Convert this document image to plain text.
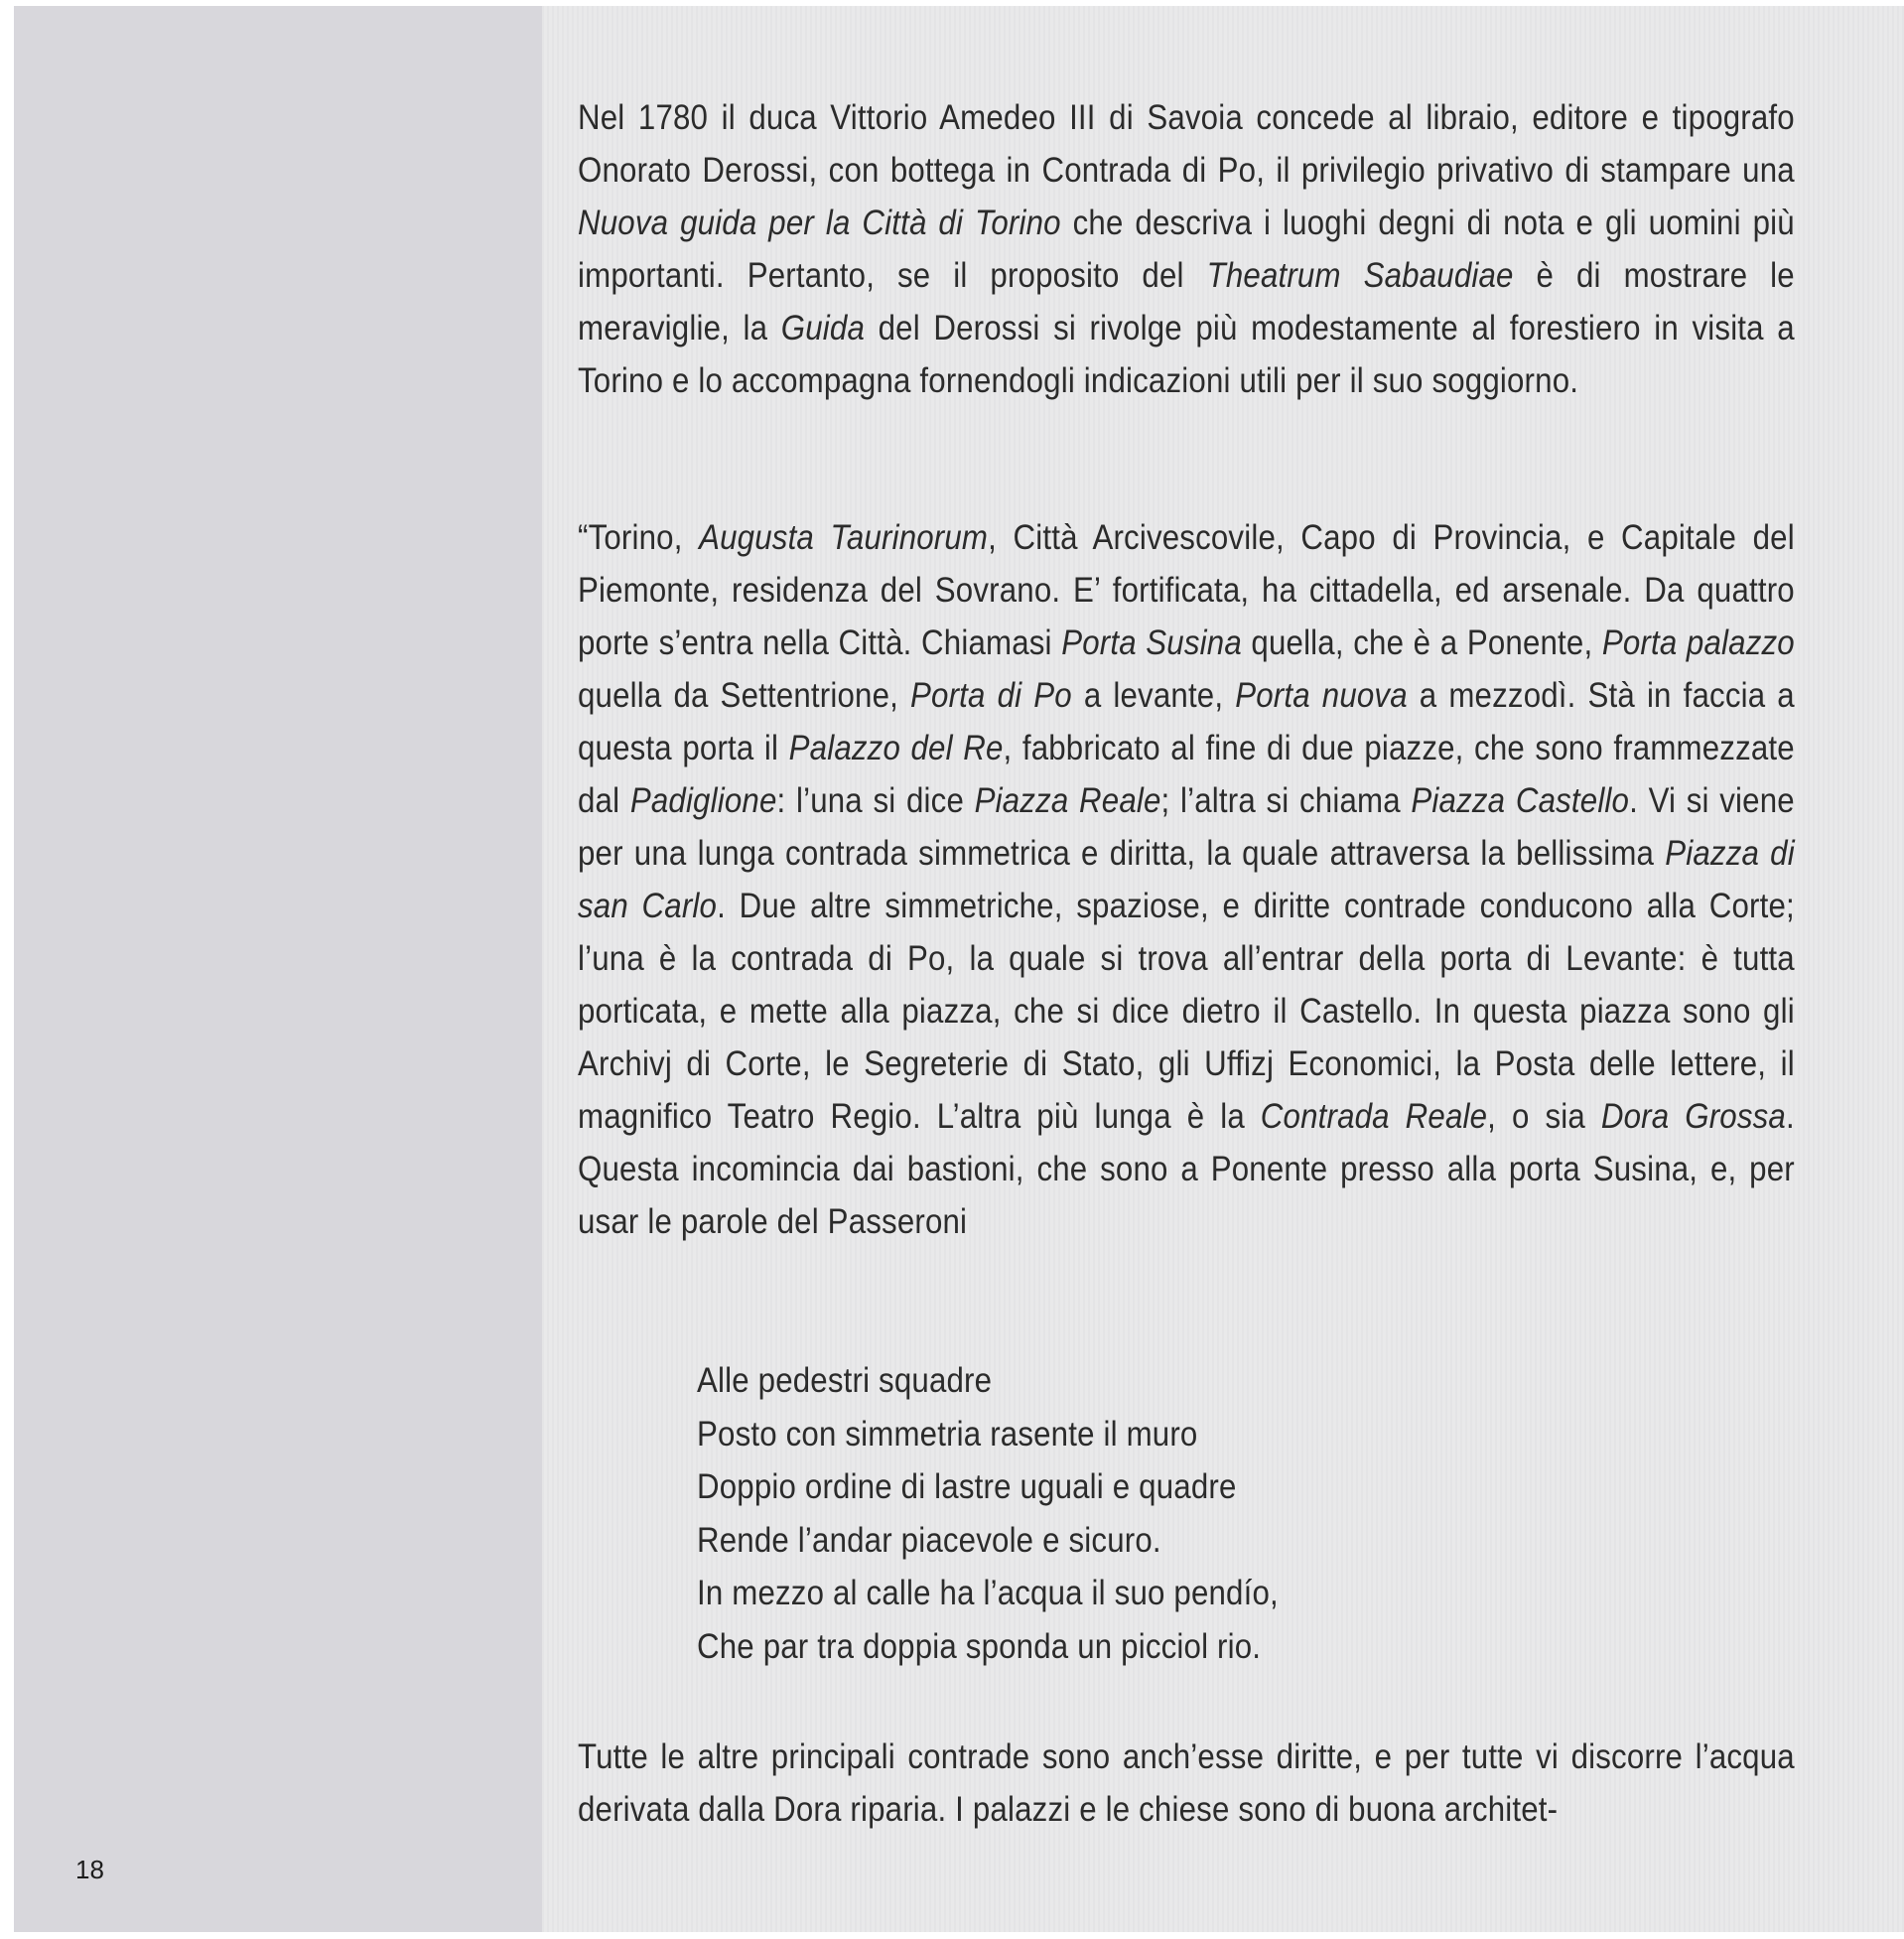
Nel 1780 il duca Vittorio Amedeo III di Savoia concede al libraio, editore e tipografo Onorato Derossi, con bottega in Contrada di Po, il privilegio privativo di stampare una Nuova guida per la Città di Torino che descriva i luoghi degni di nota e gli uomini più importanti. Pertanto, se il proposito del Theatrum Sabaudiae è di mostrare le meraviglie, la Guida del Derossi si rivolge più modestamente al forestiero in visita a Torino e lo accompagna fornendogli indicazioni utili per il suo soggiorno.
“Torino, Augusta Taurinorum, Città Arcivescovile, Capo di Provincia, e Capitale del Piemonte, residenza del Sovrano. E’ fortificata, ha cittadella, ed arsenale. Da quattro porte s’entra nella Città. Chiamasi Porta Susina quella, che è a Ponente, Porta palazzo quella da Settentrione, Porta di Po a levante, Porta nuova a mezzodì. Stà in faccia a questa porta il Palazzo del Re, fabbricato al fine di due piazze, che sono frammezzate dal Padiglione: l’una si dice Piazza Reale; l’altra si chiama Piazza Castello. Vi si viene per una lunga contrada simmetrica e diritta, la quale attraversa la bellissima Piazza di san Carlo. Due altre simmetriche, spaziose, e diritte contrade conducono alla Corte; l’una è la contrada di Po, la quale si trova all’entrar della porta di Levante: è tutta porticata, e mette alla piazza, che si dice dietro il Castello. In questa piazza sono gli Archivj di Corte, le Segreterie di Stato, gli Uffizj Economici, la Posta delle lettere, il magnifico Teatro Regio. L’altra più lunga è la Contrada Reale, o sia Dora Grossa. Questa incomincia dai bastioni, che sono a Ponente presso alla porta Susina, e, per usar le parole del Passeroni
Alle pedestri squadre
Posto con simmetria rasente il muro
Doppio ordine di lastre uguali e quadre
Rende l’andar piacevole e sicuro.
In mezzo al calle ha l’acqua il suo pendío,
Che par tra doppia sponda un picciol rio.
Tutte le altre principali contrade sono anch’esse diritte, e per tutte vi discorre l’acqua derivata dalla Dora riparia. I palazzi e le chiese sono di buona architet-
18
